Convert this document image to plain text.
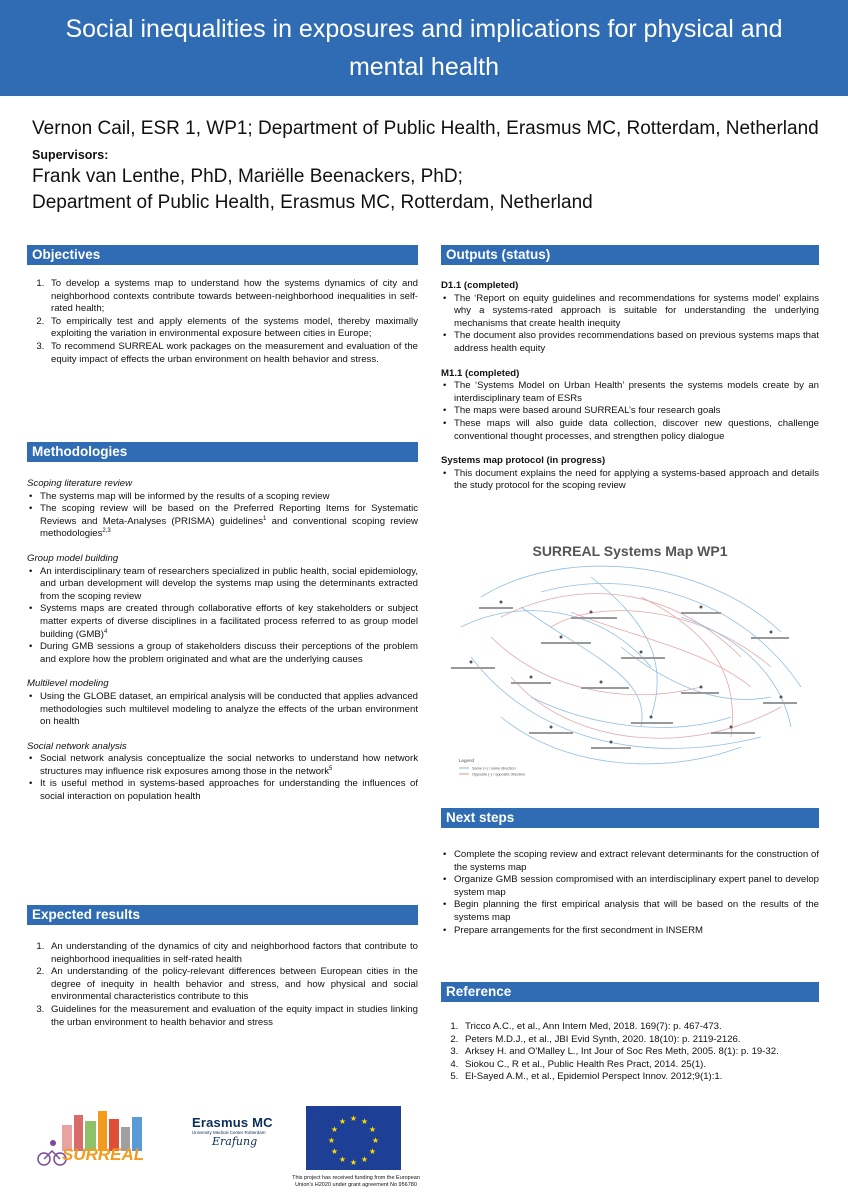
Social inequalities in exposures and implications for physical and
mental health
Vernon Cail, ESR 1, WP1; Department of Public Health, Erasmus MC, Rotterdam, Netherland
Supervisors:
Frank van Lenthe, PhD, Mariëlle Beenackers, PhD;
Department of Public Health, Erasmus MC, Rotterdam, Netherland
Objectives
1. To develop a systems map to understand how the systems dynamics of city and neighborhood contexts contribute towards between-neighborhood inequalities in self-rated health;
2. To empirically test and apply elements of the systems model, thereby maximally exploiting the variation in environmental exposure between cities in Europe;
3. To recommend SURREAL work packages on the measurement and evaluation of the equity impact of effects the urban environment on health behavior and stress.
Methodologies
Scoping literature review
• The systems map will be informed by the results of a scoping review
• The scoping review will be based on the Preferred Reporting Items for Systematic Reviews and Meta-Analyses (PRISMA) guidelines$^1$ and conventional scoping review methodologies$^{2,3}$
Group model building
• An interdisciplinary team of researchers specialized in public health, social epidemiology, and urban development will develop the systems map using the determinants extracted from the scoping review
• Systems maps are created through collaborative efforts of key stakeholders or subject matter experts of diverse disciplines in a facilitated process referred to as group model building (GMB)$^4$
• During GMB sessions a group of stakeholders discuss their perceptions of the problem and explore how the problem originated and what are the underlying causes
Multilevel modeling
• Using the GLOBE dataset, an empirical analysis will be conducted that applies advanced methodologies such multilevel modeling to analyze the effects of the urban environment on health
Social network analysis
• Social network analysis conceptualize the social networks to understand how network structures may influence risk exposures among those in the network$^5$
• It is useful method in systems-based approaches for understanding the influences of social interaction on population health
Expected results
1. An understanding of the dynamics of city and neighborhood factors that contribute to neighborhood inequalities in self-rated health
2. An understanding of the policy-relevant differences between European cities in the degree of inequity in health behavior and stress, and how physical and social environmental characteristics contribute to this
3. Guidelines for the measurement and evaluation of the equity impact in studies linking the urban environment to health behavior and stress
Outputs (status)
D1.1 (completed)
• The ‘Report on equity guidelines and recommendations for systems model’ explains why a systems-rated approach is suitable for understanding the underlying mechanisms that create health inequity
• The document also provides recommendations based on previous systems maps that address health equity
M1.1 (completed)
• The ‘Systems Model on Urban Health’ presents the systems models create by an interdisciplinary team of ESRs
• The maps were based around SURREAL’s four research goals
• These maps will also guide data collection, discover new questions, challenge conventional thought processes, and strengthen policy dialogue
Systems map protocol (in progress)
• This document explains the need for applying a systems-based approach and details the study protocol for the scoping review
SURREAL Systems Map WP1
Legend
Same (+) / same direction
Opposite (-) / opposite direction
Next steps
• Complete the scoping review and extract relevant determinants for the construction of the systems map
• Organize GMB session compromised with an interdisciplinary expert panel to develop system map
• Begin planning the first empirical analysis that will be based on the results of the systems map
• Prepare arrangements for the first secondment in INSERM
Reference
1. Tricco A.C., et al., Ann Intern Med, 2018. 169(7): p. 467-473.
2. Peters M.D.J., et al., JBI Evid Synth, 2020. 18(10): p. 2119-2126.
3. Arksey H. and O'Malley L., Int Jour of Soc Res Meth, 2005. 8(1): p. 19-32.
4. Siokou C., R et al., Public Health Res Pract, 2014. 25(1).
5. El-Sayed A.M., et al., Epidemiol Perspect Innov. 2012;9(1):1.
SURREAL
Erasmus MC
University Medical Center Rotterdam
Erafung
★ ★
★
★
★
★
★
★
★
★
★
★
This project has received funding from the European Union's H2020 under grant agreement No 956780
